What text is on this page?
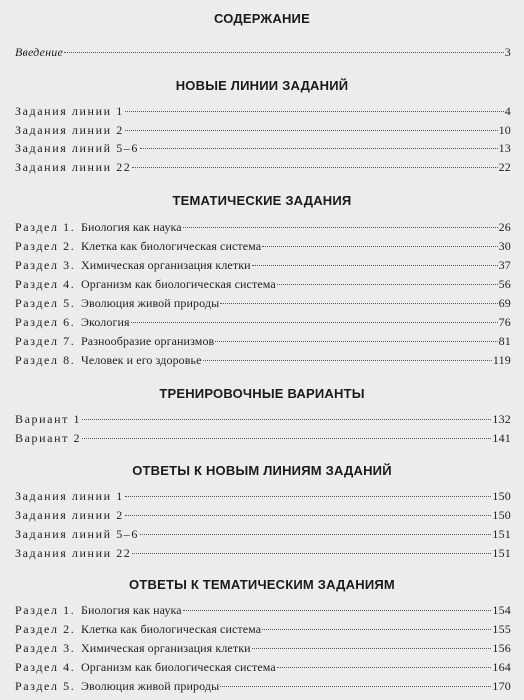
СОДЕРЖАНИЕ
Введение	3
НОВЫЕ ЛИНИИ ЗАДАНИЙ
Задания линии 1	4
Задания линии 2	10
Задания линий 5–6	13
Задания линии 22	22
ТЕМАТИЧЕСКИЕ ЗАДАНИЯ
Раздел 1. Биология как наука	26
Раздел 2. Клетка как биологическая система	30
Раздел 3. Химическая организация клетки	37
Раздел 4. Организм как биологическая система	56
Раздел 5. Эволюция живой природы	69
Раздел 6. Экология	76
Раздел 7. Разнообразие организмов	81
Раздел 8. Человек и его здоровье	119
ТРЕНИРОВОЧНЫЕ ВАРИАНТЫ
Вариант 1	132
Вариант 2	141
ОТВЕТЫ К НОВЫМ ЛИНИЯМ ЗАДАНИЙ
Задания линии 1	150
Задания линии 2	150
Задания линий 5–6	151
Задания линии 22	151
ОТВЕТЫ К ТЕМАТИЧЕСКИМ ЗАДАНИЯМ
Раздел 1. Биология как наука	154
Раздел 2. Клетка как биологическая система	155
Раздел 3. Химическая организация клетки	156
Раздел 4. Организм как биологическая система	164
Раздел 5. Эволюция живой природы	170
